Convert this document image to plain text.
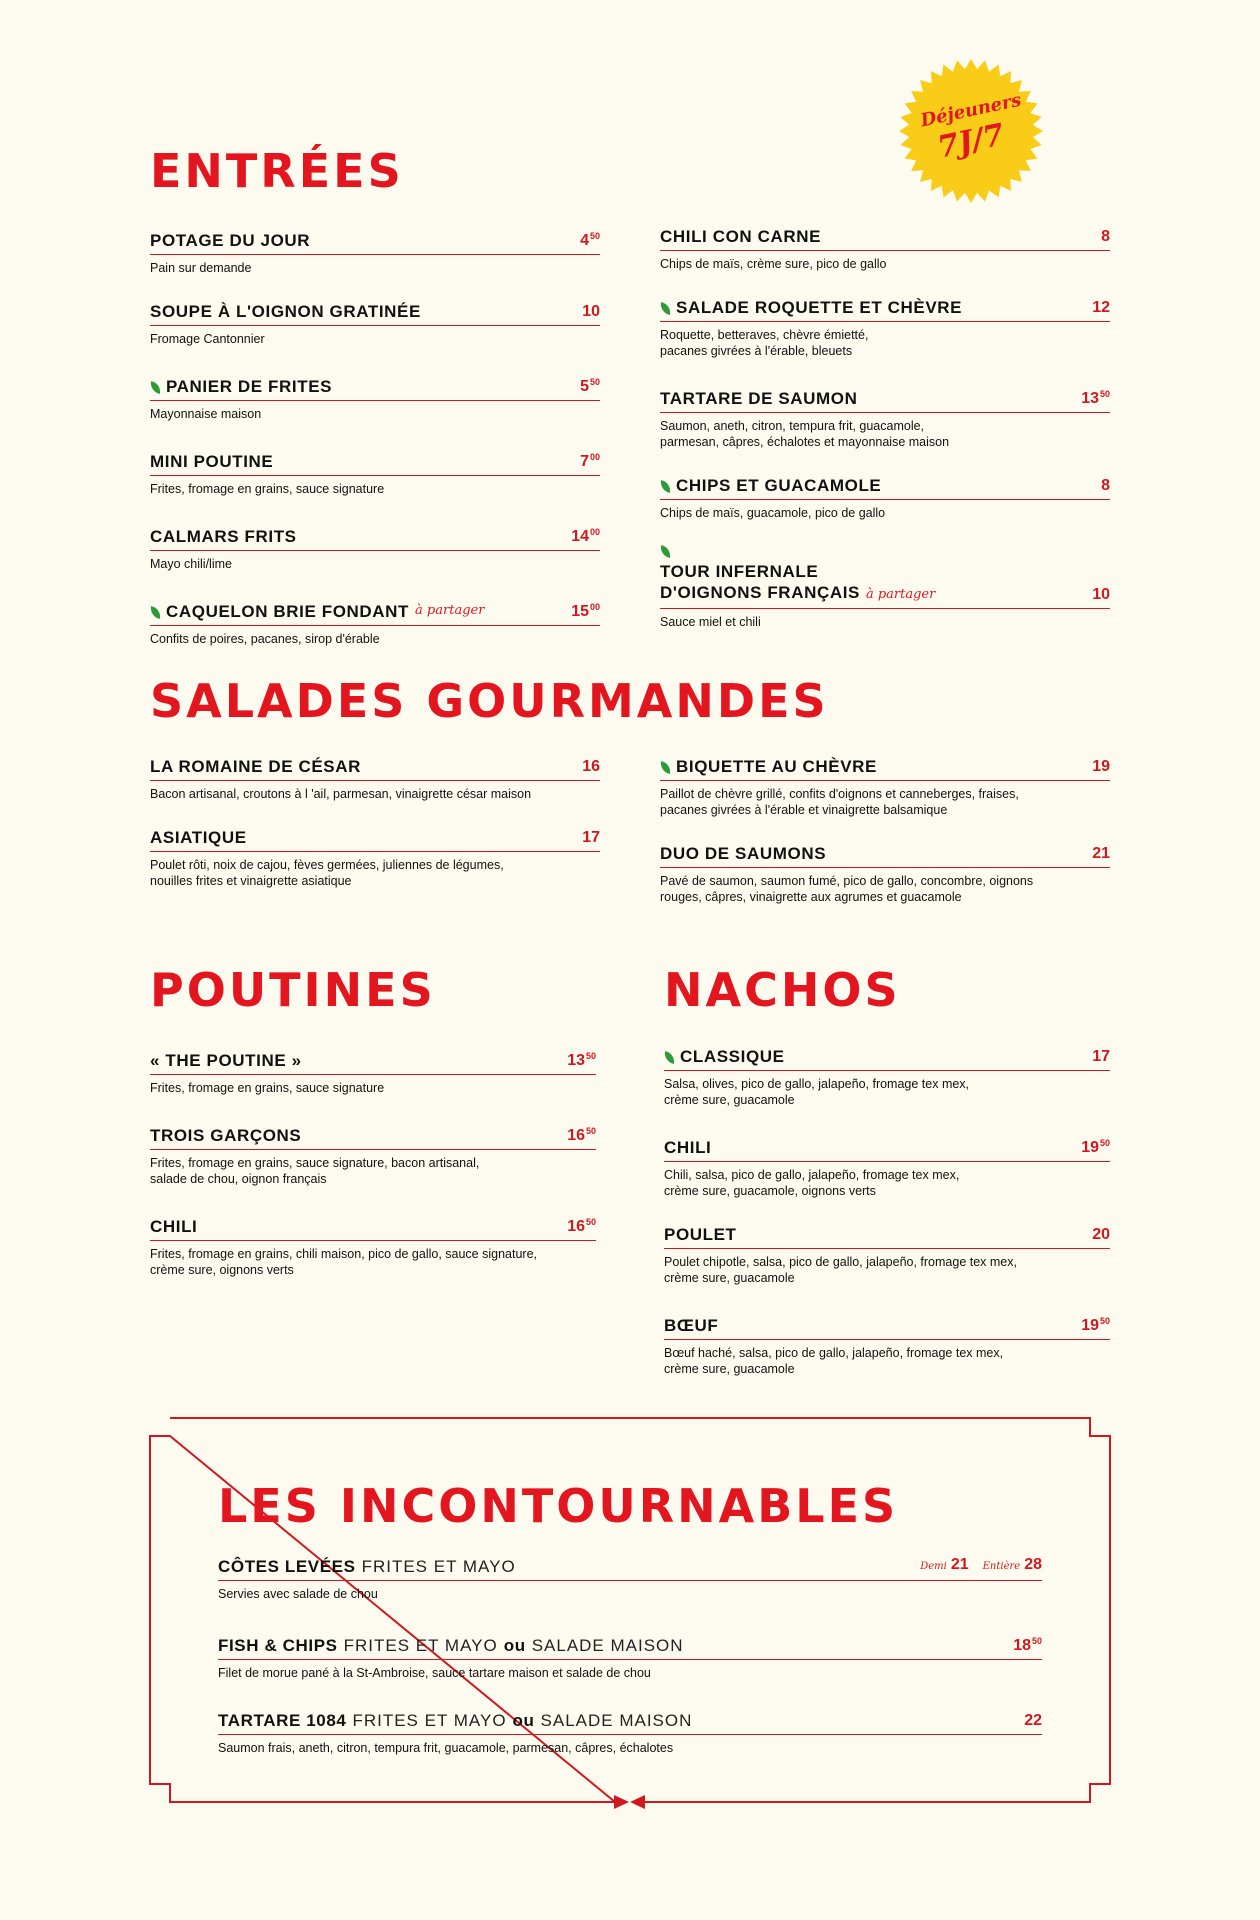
Déjeuners
7J/7
ENTRÉES
POTAGE DU JOUR	$4^{50}$
Pain sur demande
SOUPE À L'OIGNON GRATINÉE	10
Fromage Cantonnier
PANIER DE FRITES	$5^{50}$
Mayonnaise maison
MINI POUTINE	$7^{00}$
Frites, fromage en grains, sauce signature
CALMARS FRITS	$14^{00}$
Mayo chili/lime
CAQUELON BRIE FONDANT à partager	$15^{00}$
Confits de poires, pacanes, sirop d'érable
CHILI CON CARNE	8
Chips de maïs, crème sure, pico de gallo
SALADE ROQUETTE ET CHÈVRE	12
Roquette, betteraves, chèvre émietté,
pacanes givrées à l'érable, bleuets
TARTARE DE SAUMON	$13^{50}$
Saumon, aneth, citron, tempura frit, guacamole,
parmesan, câpres, échalotes et mayonnaise maison
CHIPS ET GUACAMOLE	8
Chips de maïs, guacamole, pico de gallo
TOUR INFERNALE
D'OIGNONS FRANÇAIS à partager	10
Sauce miel et chili
SALADES GOURMANDES
LA ROMAINE DE CÉSAR	16
Bacon artisanal, croutons à l 'ail, parmesan, vinaigrette césar maison
ASIATIQUE	17
Poulet rôti, noix de cajou, fèves germées, juliennes de légumes,
nouilles frites et vinaigrette asiatique
BIQUETTE AU CHÈVRE	19
Paillot de chèvre grillé, confits d'oignons et canneberges, fraises,
pacanes givrées à l'érable et vinaigrette balsamique
DUO DE SAUMONS	21
Pavé de saumon, saumon fumé, pico de gallo, concombre, oignons
rouges, câpres, vinaigrette aux agrumes et guacamole
POUTINES
« THE POUTINE »	$13^{50}$
Frites, fromage en grains, sauce signature
TROIS GARÇONS	$16^{50}$
Frites, fromage en grains, sauce signature, bacon artisanal,
salade de chou, oignon français
CHILI	$16^{50}$
Frites, fromage en grains, chili maison, pico de gallo, sauce signature,
crème sure, oignons verts
NACHOS
CLASSIQUE	17
Salsa, olives, pico de gallo, jalapeño, fromage tex mex,
crème sure, guacamole
CHILI	$19^{50}$
Chili, salsa, pico de gallo, jalapeño, fromage tex mex,
crème sure, guacamole, oignons verts
POULET	20
Poulet chipotle, salsa, pico de gallo, jalapeño, fromage tex mex,
crème sure, guacamole
BŒUF	$19^{50}$
Bœuf haché, salsa, pico de gallo, jalapeño, fromage tex mex,
crème sure, guacamole
LES INCONTOURNABLES
CÔTES LEVÉES FRITES ET MAYO	Demi 21 Entière 28
Servies avec salade de chou
FISH & CHIPS FRITES ET MAYO ou SALADE MAISON	$18^{50}$
Filet de morue pané à la St-Ambroise, sauce tartare maison et salade de chou
TARTARE 1084 FRITES ET MAYO ou SALADE MAISON	22
Saumon frais, aneth, citron, tempura frit, guacamole, parmesan, câpres, échalotes
